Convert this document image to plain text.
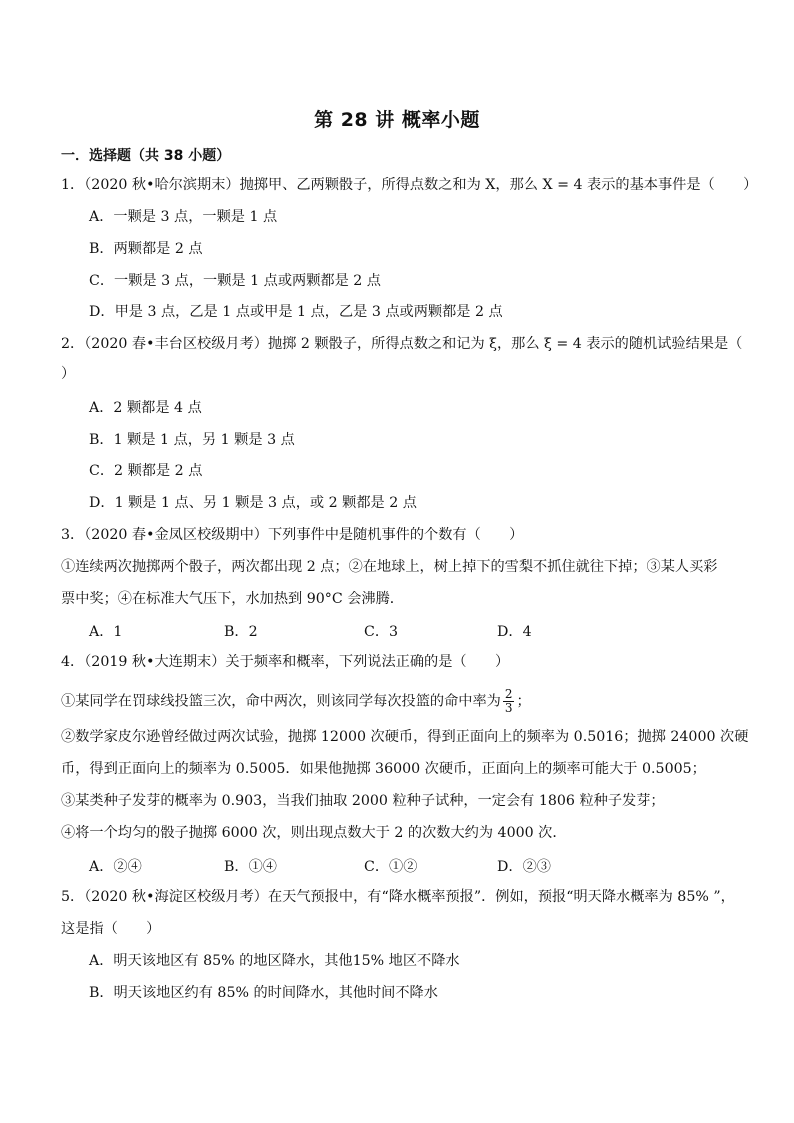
第 28 讲 概率小题
一．选择题（共 38 小题）
1．（2020 秋•哈尔滨期末）抛掷甲、乙两颗骰子，所得点数之和为 X，那么 X = 4 表示的基本事件是（　　）
A．一颗是 3 点，一颗是 1 点
B．两颗都是 2 点
C．一颗是 3 点，一颗是 1 点或两颗都是 2 点
D．甲是 3 点，乙是 1 点或甲是 1 点，乙是 3 点或两颗都是 2 点
2．（2020 春•丰台区校级月考）抛掷 2 颗骰子，所得点数之和记为 ξ，那么 ξ = 4 表示的随机试验结果是（
）
A．2 颗都是 4 点
B．1 颗是 1 点，另 1 颗是 3 点
C．2 颗都是 2 点
D．1 颗是 1 点、另 1 颗是 3 点，或 2 颗都是 2 点
3．（2020 春•金凤区校级期中）下列事件中是随机事件的个数有（　　）
①连续两次抛掷两个骰子，两次都出现 2 点；②在地球上，树上掉下的雪梨不抓住就往下掉；③某人买彩
票中奖；④在标准大气压下，水加热到 90°C 会沸腾．
A．1	B．2	C．3	D．4
4．（2019 秋•大连期末）关于频率和概率，下列说法正确的是（　　）
①某同学在罚球线投篮三次，命中两次，则该同学每次投篮的命中率为 $\frac{2}{3}$ ；
②数学家皮尔逊曾经做过两次试验，抛掷 12000 次硬币，得到正面向上的频率为 0.5016；抛掷 24000 次硬
币，得到正面向上的频率为 0.5005．如果他抛掷 36000 次硬币，正面向上的频率可能大于 0.5005；
③某类种子发芽的概率为 0.903，当我们抽取 2000 粒种子试种，一定会有 1806 粒种子发芽；
④将一个均匀的骰子抛掷 6000 次，则出现点数大于 2 的次数大约为 4000 次．
A．②④	B．①④	C．①②	D．②③
5．（2020 秋•海淀区校级月考）在天气预报中，有“降水概率预报”．例如，预报“明天降水概率为 85% ”，
这是指（　　）
A．明天该地区有 85% 的地区降水，其他15% 地区不降水
B．明天该地区约有 85% 的时间降水，其他时间不降水
